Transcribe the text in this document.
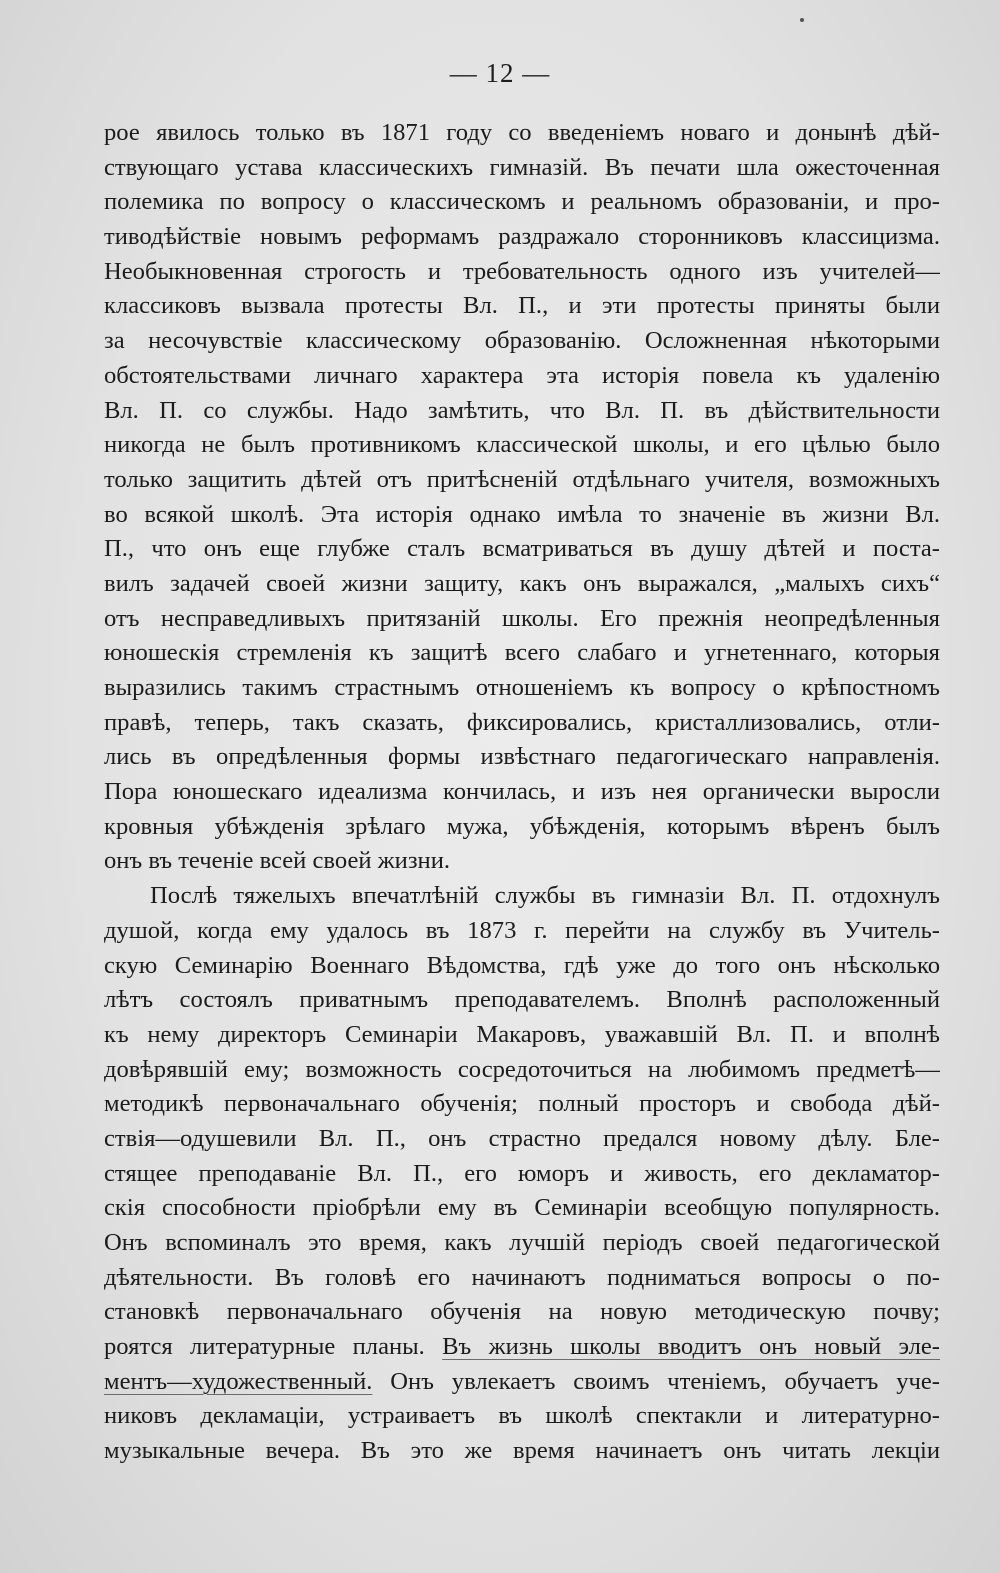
— 12 —
рое явилось только въ 1871 году со введеніемъ новаго и донынѣ дѣй-
ствующаго устава классическихъ гимназій. Въ печати шла ожесточенная
полемика по вопросу о классическомъ и реальномъ образованіи, и про-
тиводѣйствіе новымъ реформамъ раздражало сторонниковъ классицизма.
Необыкновенная строгость и требовательность одного изъ учителей—
классиковъ вызвала протесты Вл. П., и эти протесты приняты были
за несочувствіе классическому образованію. Осложненная нѣкоторыми
обстоятельствами личнаго характера эта исторія повела къ удаленію
Вл. П. со службы. Надо замѣтить, что Вл. П. въ дѣйствительности
никогда не былъ противникомъ классической школы, и его цѣлью было
только защитить дѣтей отъ притѣсненій отдѣльнаго учителя, возможныхъ
во всякой школѣ. Эта исторія однако имѣла то значеніе въ жизни Вл.
П., что онъ еще глубже сталъ всматриваться въ душу дѣтей и поста-
вилъ задачей своей жизни защиту, какъ онъ выражался, „малыхъ сихъ“
отъ несправедливыхъ притязаній школы. Его прежнія неопредѣленныя
юношескія стремленія къ защитѣ всего слабаго и угнетеннаго, которыя
выразились такимъ страстнымъ отношеніемъ къ вопросу о крѣпостномъ
правѣ, теперь, такъ сказать, фиксировались, кристаллизовались, отли-
лись въ опредѣленныя формы извѣстнаго педагогическаго направленія.
Пора юношескаго идеализма кончилась, и изъ нея органически выросли
кровныя убѣжденія зрѣлаго мужа, убѣжденія, которымъ вѣренъ былъ
онъ въ теченіе всей своей жизни.
Послѣ тяжелыхъ впечатлѣній службы въ гимназіи Вл. П. отдохнулъ
душой, когда ему удалось въ 1873 г. перейти на службу въ Учитель-
скую Семинарію Военнаго Вѣдомства, гдѣ уже до того онъ нѣсколько
лѣтъ состоялъ приватнымъ преподавателемъ. Вполнѣ расположенный
къ нему директоръ Семинаріи Макаровъ, уважавшій Вл. П. и вполнѣ
довѣрявшій ему; возможность сосредоточиться на любимомъ предметѣ—
методикѣ первоначальнаго обученія; полный просторъ и свобода дѣй-
ствія—одушевили Вл. П., онъ страстно предался новому дѣлу. Бле-
стящее преподаваніе Вл. П., его юморъ и живость, его декламатор-
скія способности пріобрѣли ему въ Семинаріи всеобщую популярность.
Онъ вспоминалъ это время, какъ лучшій періодъ своей педагогической
дѣятельности. Въ головѣ его начинаютъ подниматься вопросы о по-
становкѣ первоначальнаго обученія на новую методическую почву;
роятся литературные планы. Въ жизнь школы вводитъ онъ новый эле-
ментъ—художественный. Онъ увлекаетъ своимъ чтеніемъ, обучаетъ уче-
никовъ декламаціи, устраиваетъ въ школѣ спектакли и литературно-
музыкальные вечера. Въ это же время начинаетъ онъ читать лекціи
